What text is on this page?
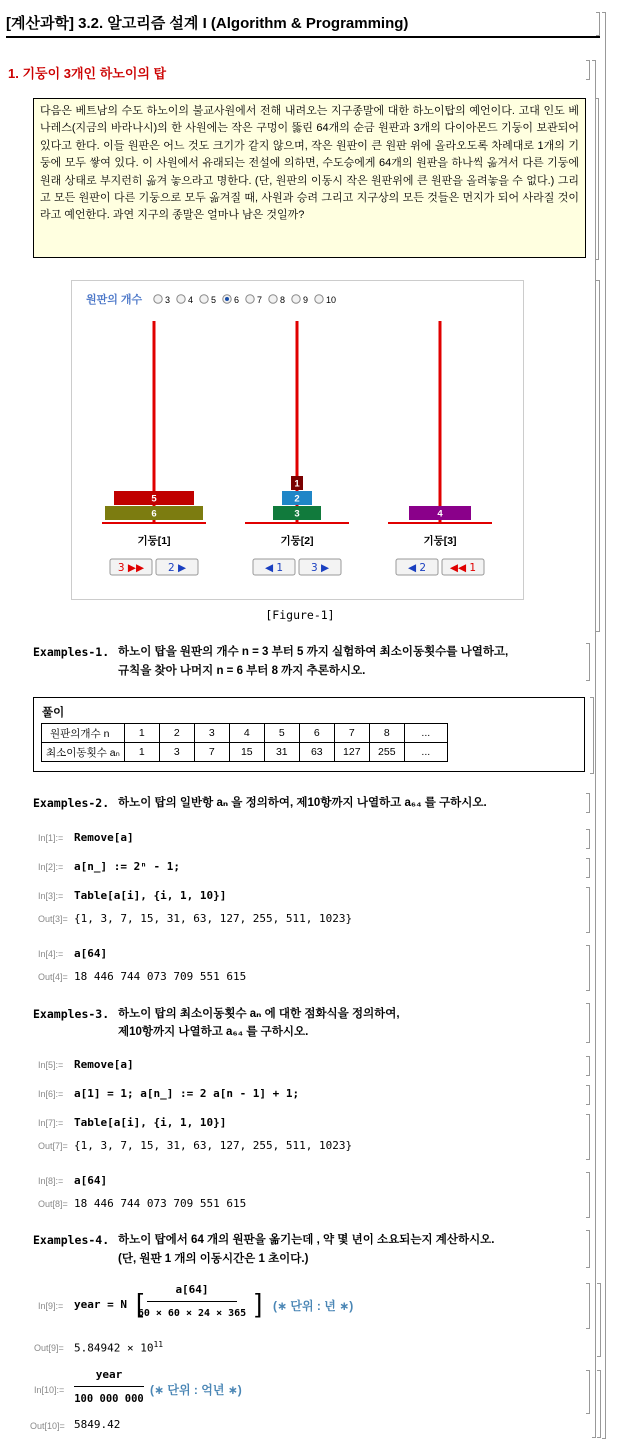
[계산과학] 3.2. 알고리즘 설계 I (Algorithm & Programming)
1. 기둥이 3개인 하노이의 탑
다음은 베트남의 수도 하노이의 불교사원에서 전해 내려오는 지구종말에 대한 하노이탑의 예언이다. 고대 인도 베나레스(지금의 바라나시)의 한 사원에는 작은 구멍이 뚫린 64개의 순금 원판과 3개의 다이아몬드 기둥이 보관되어 있다고 한다. 이들 원판은 어느 것도 크기가 같지 않으며, 작은 원판이 큰 원판 위에 올라오도록 차례대로 1개의 기둥에 모두 쌓여 있다. 이 사원에서 유래되는 전설에 의하면, 수도승에게 64개의 원판을 하나씩 옮겨서 다른 기둥에 원래 상태로 부지런히 옮겨 놓으라고 명한다. (단, 원판의 이동시 작은 원판위에 큰 원판을 올려놓을 수 없다.) 그리고 모든 원판이 다른 기둥으로 모두 옮겨질 때, 사원과 승려 그리고 지구상의 모든 것들은 먼지가 되어 사라질 것이라고 예언한다. 과연 지구의 종말은 얼마나 남은 것일까?
원판의 개수	3 4 5 6 7 8 9 10
6
5
기둥[1]
3 ▶▶ 2 ▶
3
2
1
기둥[2]
◀ 1	3 ▶
4
기둥[3]
◀ 2 ◀◀ 1
[Figure-1]
Examples-1. 하노이 탑을 원판의 개수 n = 3 부터 5 까지 실험하여 최소이동횟수를 나열하고,
규칙을 찾아 나머지 n = 6 부터 8 까지 추론하시오.
풀이
원판의개수 n	1	2	3	4	5	6	7	8	...
최소이동횟수 aₙ	1	3	7	15	31	63	127	255	...
Examples-2. 하노이 탑의 일반항 aₙ 을 정의하여, 제10항까지 나열하고 a₆₄ 를 구하시오.
In[1]:= Remove[a]
In[2]:= a[n_] := 2ⁿ - 1;
In[3]:= Table[a[i], {i, 1, 10}]
Out[3]= {1, 3, 7, 15, 31, 63, 127, 255, 511, 1023}
In[4]:= a[64]
Out[4]= 18 446 744 073 709 551 615
Examples-3. 하노이 탑의 최소이동횟수 aₙ 에 대한 점화식을 정의하여,
제10항까지 나열하고 a₆₄ 를 구하시오.
In[5]:= Remove[a]
In[6]:= a[1] = 1; a[n_] := 2 a[n - 1] + 1;
In[7]:= Table[a[i], {i, 1, 10}]
Out[7]= {1, 3, 7, 15, 31, 63, 127, 255, 511, 1023}
In[8]:= a[64]
Out[8]= 18 446 744 073 709 551 615
Examples-4. 하노이 탑에서 64 개의 원판을 옮기는데 , 약 몇 년이 소요되는지 계산하시오.
(단, 원판 1 개의 이동시간은 1 초이다.)
In[9]:= year = N [	a[64]
60 × 60 × 24 × 365 ] (∗ 단위 : 년 ∗)
$Out[9]= 5.84942 \times 10^{11}$
In[10]:=
year
100 000 000
(∗ 단위 : 억년 ∗)
Out[10]= 5849.42
